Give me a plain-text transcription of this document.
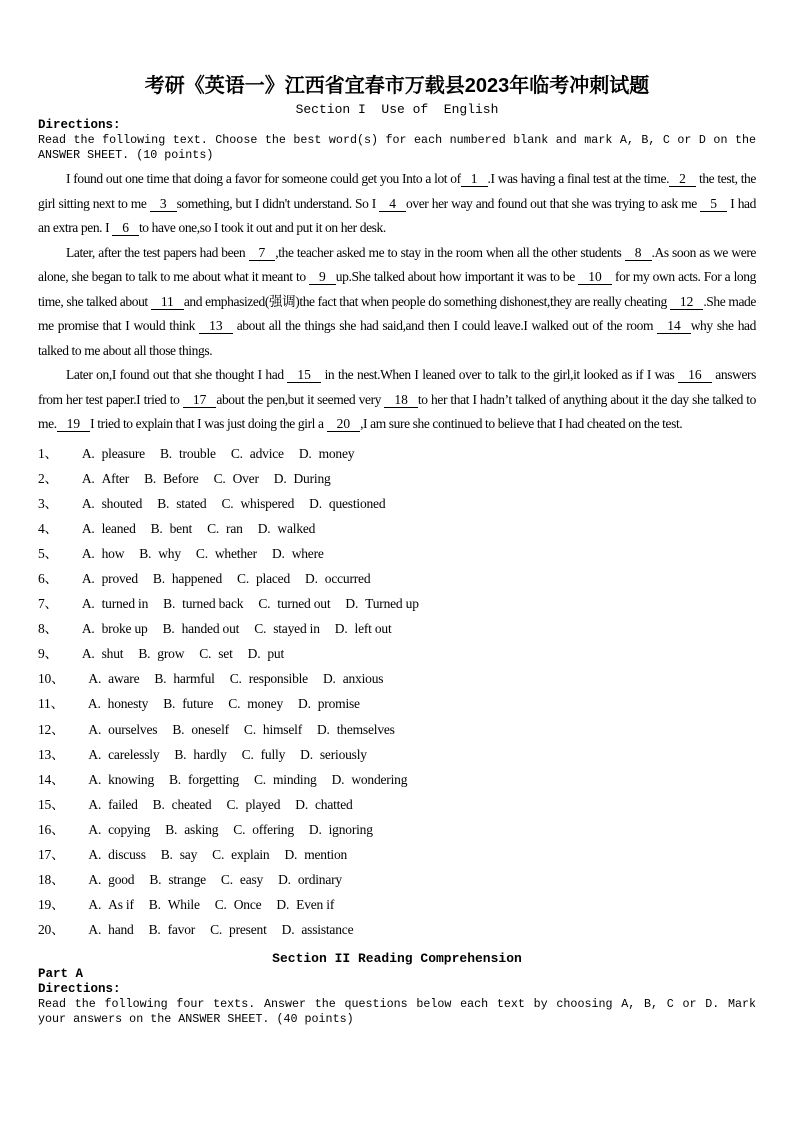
考研《英语一》江西省宜春市万载县2023年临考冲刺试题
Section I  Use of  English
Directions:
Read the following text. Choose the best word(s) for each numbered blank and mark A, B, C or D on the ANSWER SHEET. (10 points)

I found out one time that doing a favor for someone could get you Into a lot of 1 .I was having a final test at the time. 2 the test, the girl sitting next to me 3 something, but I didn't understand. So I 4 over her way and found out that she was trying to ask me 5 I had an extra pen. I 6 to have one,so I took it out and put it on her desk.

Later, after the test papers had been 7 ,the teacher asked me to stay in the room when all the other students 8 .As soon as we were alone, she began to talk to me about what it meant to 9 up.She talked about how important it was to be 10 for my own acts. For a long time, she talked about 11 and emphasized(强调)the fact that when people do something dishonest,they are really cheating 12 .She made me promise that I would think 13 about all the things she had said,and then I could leave.I walked out of the room 14 why she had talked to me about all those things.

Later on,I found out that she thought I had 15 in the nest.When I leaned over to talk to the girl,it looked as if I was 16 answers from her test paper.I tried to 17 about the pen,but it seemed very 18 to her that I hadn’t talked of anything about it the day she talked to me. 19 I tried to explain that I was just doing the girl a 20 ,I am sure she continued to believe that I had cheated on the test.

1、 A. pleasure B. trouble C. advice D. money
2、 A. After B. Before C. Over D. During
3、 A. shouted B. stated C. whispered D. questioned
4、 A. leaned B. bent C. ran D. walked
5、 A. how B. why C. whether D. where
6、 A. proved B. happened C. placed D. occurred
7、 A. turned in B. turned back C. turned out D. Turned up
8、 A. broke up B. handed out C. stayed in D. left out
9、 A. shut B. grow C. set D. put
10、 A. aware B. harmful C. responsible D. anxious
11、 A. honesty B. future C. money D. promise
12、 A. ourselves B. oneself C. himself D. themselves
13、 A. carelessly B. hardly C. fully D. seriously
14、 A. knowing B. forgetting C. minding D. wondering
15、 A. failed B. cheated C. played D. chatted
16、 A. copying B. asking C. offering D. ignoring
17、 A. discuss B. say C. explain D. mention
18、 A. good B. strange C. easy D. ordinary
19、 A. As if B. While C. Once D. Even if
20、 A. hand B. favor C. present D. assistance
Section II Reading Comprehension
Part A
Directions:
Read the following four texts. Answer the questions below each text by choosing A, B, C or D. Mark your answers on the ANSWER SHEET. (40 points)
